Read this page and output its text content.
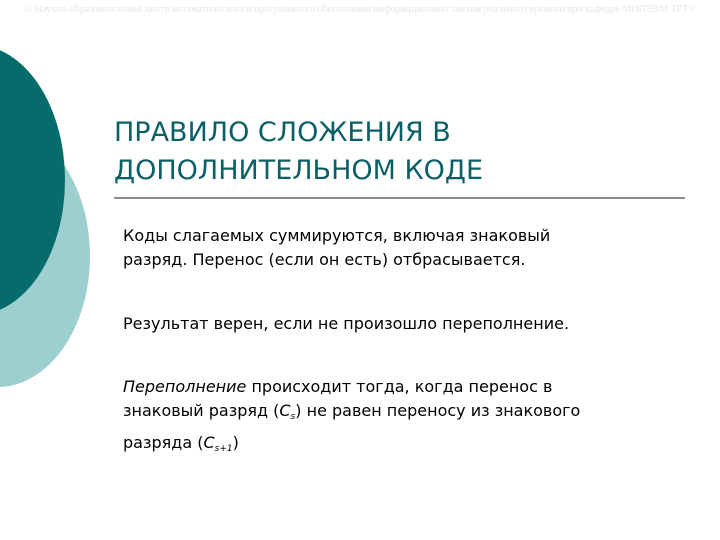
© Научно-образовательный центр математического и программного обеспечения информационных систем реального времени при кафедре МОПЭВМ ТРТУ
ПРАВИЛО СЛОЖЕНИЯ В
ДОПОЛНИТЕЛЬНОМ КОДЕ

Коды слагаемых суммируются, включая знаковый
разряд. Перенос (если он есть) отбрасывается.

Результат верен, если не произошло переполнение.

Переполнение происходит тогда, когда перенос в
знаковый разряд $(C_s)$ не равен переносу из знакового
разряда $(C_{s+1})$
